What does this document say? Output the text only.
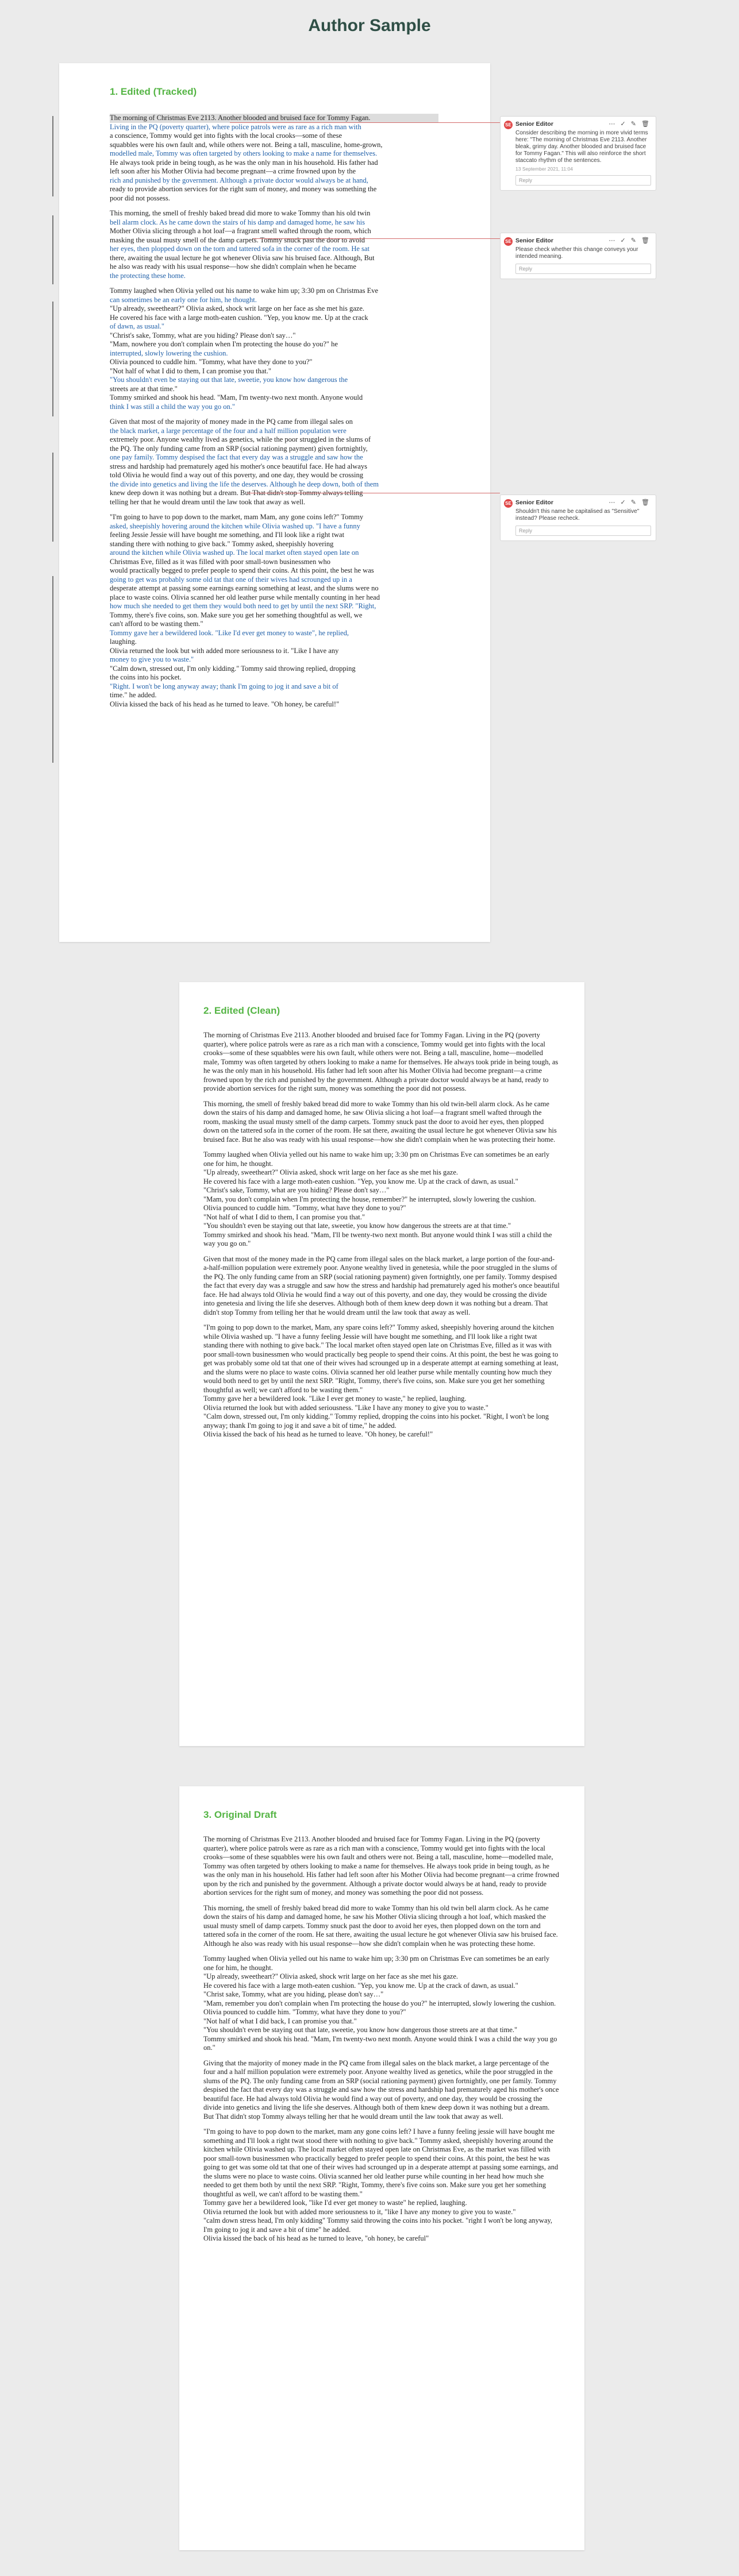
Author Sample
1. Edited (Tracked)

The morning of Christmas Eve 2113. Another blooded and bruised face for Tommy Fagan.
Living in the PQ (poverty quarter), where police patrols were as rare as a rich man with
a conscience, Tommy would get into fights with the local crooks—some of these
squabbles were his own fault and, while others were not. Being a tall, masculine, home-grown,
modelled male, Tommy was often targeted by others looking to make a name for themselves.
He always took pride in being tough, as he was the only man in his household. His father had
left soon after his Mother Olivia had become pregnant—a crime frowned upon by the
rich and punished by the government. Although a private doctor would always be at hand,
ready to provide abortion services for the right sum of money, and money was something the
poor did not possess.

This morning, the smell of freshly baked bread did more to wake Tommy than his old twin
bell alarm clock. As he came down the stairs of his damp and damaged home, he saw his
Mother Olivia slicing through a hot loaf—a fragrant smell wafted through the room, which
masking the usual musty smell of the damp carpets. Tommy snuck past the door to avoid
her eyes, then plopped down on the torn and tattered sofa in the corner of the room. He sat
there, awaiting the usual lecture he got whenever Olivia saw his bruised face. Although, But
he also was ready with his usual response—how she didn't complain when he became
the protecting these home.

Tommy laughed when Olivia yelled out his name to wake him up; 3:30 pm on Christmas Eve
can sometimes be an early one for him, he thought.
"Up already, sweetheart?" Olivia asked, shock writ large on her face as she met his gaze.
He covered his face with a large moth-eaten cushion. "Yep, you know me. Up at the crack
of dawn, as usual."
"Christ's sake, Tommy, what are you hiding? Please don't say…"
"Mam, nowhere you don't complain when I'm protecting the house do you?" he
interrupted, slowly lowering the cushion.
Olivia pounced to cuddle him. "Tommy, what have they done to you?"
"Not half of what I did to them, I can promise you that."
"You shouldn't even be staying out that late, sweetie, you know how dangerous the
streets are at that time."
Tommy smirked and shook his head. "Mam, I'm twenty-two next month. Anyone would
think I was still a child the way you go on."

Given that most of the majority of money made in the PQ came from illegal sales on
the black market, a large percentage of the four and a half million population were
extremely poor. Anyone wealthy lived as genetics, while the poor struggled in the slums of
the PQ. The only funding came from an SRP (social rationing payment) given fortnightly,
one pay family. Tommy despised the fact that every day was a struggle and saw how the
stress and hardship had prematurely aged his mother's once beautiful face. He had always
told Olivia he would find a way out of this poverty, and one day, they would be crossing
the divide into genetics and living the life the deserves. Although he deep down, both of them
knew deep down it was nothing but a dream. But That didn't stop Tommy always telling
telling her that he would dream until the law took that away as well.

"I'm going to have to pop down to the market, mam Mam, any gone coins left?" Tommy
asked, sheepishly hovering around the kitchen while Olivia washed up. "I have a funny
feeling Jessie Jessie will have bought me something, and I'll look like a right twat
standing there with nothing to give back." Tommy asked, sheepishly hovering
around the kitchen while Olivia washed up. The local market often stayed open late on
Christmas Eve, filled as it was filled with poor small-town businessmen who
would practically begged to prefer people to spend their coins. At this point, the best he was
going to get was probably some old tat that one of their wives had scrounged up in a
desperate attempt at passing some earnings earning something at least, and the slums were no
place to waste coins. Olivia scanned her old leather purse while mentally counting in her head
how much she needed to get them they would both need to get by until the next SRP. "Right,
Tommy, there's five coins, son. Make sure you get her something thoughtful as well, we
can't afford to be wasting them."
Tommy gave her a bewildered look. "Like I'd ever get money to waste", he replied,
laughing.
Olivia returned the look but with added more seriousness to it. "Like I have any
money to give you to waste."
"Calm down, stressed out, I'm only kidding." Tommy said throwing replied, dropping
the coins into his pocket.
"Right. I won't be long anyway away; thank I'm going to jog it and save a bit of
time." he added.
Olivia kissed the back of his head as he turned to leave. "Oh honey, be careful!"

SE Senior Editor	⋯ ✓ ✎ 🗑
Consider describing the morning in more vivid terms here: "The morning of Christmas Eve 2113. Another bleak, grimy day. Another blooded and bruised face for Tommy Fagan." This will also reinforce the short staccato rhythm of the sentences.
13 September 2021, 11:04
Reply
SE Senior Editor	⋯ ✓ ✎ 🗑
Please check whether this change conveys your intended meaning.
Reply
SE Senior Editor	⋯ ✓ ✎ 🗑
Shouldn't this name be capitalised as "Sensitive" instead? Please recheck.
Reply
2. Edited (Clean)

The morning of Christmas Eve 2113. Another blooded and bruised face for Tommy Fagan. Living in the PQ (poverty quarter), where police patrols were as rare as a rich man with a conscience, Tommy would get into fights with the local crooks—some of these squabbles were his own fault, while others were not. Being a tall, masculine, home—modelled male, Tommy was often targeted by others looking to make a name for themselves. He always took pride in being tough, as he was the only man in his household. His father had left soon after his Mother Olivia had become pregnant—a crime frowned upon by the rich and punished by the government. Although a private doctor would always be at hand, ready to provide abortion services for the right sum, money was something the poor did not possess.

This morning, the smell of freshly baked bread did more to wake Tommy than his old twin-bell alarm clock. As he came down the stairs of his damp and damaged home, he saw Olivia slicing a hot loaf—a fragrant smell wafted through the room, masking the usual musty smell of the damp carpets. Tommy snuck past the door to avoid her eyes, then plopped down on the tattered sofa in the corner of the room. He sat there, awaiting the usual lecture he got whenever Olivia saw his bruised face. But he also was ready with his usual response—how she didn't complain when he was protecting their home.

Tommy laughed when Olivia yelled out his name to wake him up; 3:30 pm on Christmas Eve can sometimes be an early one for him, he thought.
"Up already, sweetheart?" Olivia asked, shock writ large on her face as she met his gaze.
He covered his face with a large moth-eaten cushion. "Yep, you know me. Up at the crack of dawn, as usual."
"Christ's sake, Tommy, what are you hiding? Please don't say…"
"Mam, you don't complain when I'm protecting the house, remember?" he interrupted, slowly lowering the cushion.
Olivia pounced to cuddle him. "Tommy, what have they done to you?"
"Not half of what I did to them, I can promise you that."
"You shouldn't even be staying out that late, sweetie, you know how dangerous the streets are at that time."
Tommy smirked and shook his head. "Mam, I'll be twenty-two next month. But anyone would think I was still a child the way you go on."

Given that most of the money made in the PQ came from illegal sales on the black market, a large portion of the four-and-a-half-million population were extremely poor. Anyone wealthy lived in genetesia, while the poor struggled in the slums of the PQ. The only funding came from an SRP (social rationing payment) given fortnightly, one per family. Tommy despised the fact that every day was a struggle and saw how the stress and hardship had prematurely aged his mother's once beautiful face. He had always told Olivia he would find a way out of this poverty, and one day, they would be crossing the divide into genetesia and living the life she deserves. Although both of them knew deep down it was nothing but a dream. That didn't stop Tommy from telling her that he would dream until the law took that away as well.

"I'm going to pop down to the market, Mam, any spare coins left?" Tommy asked, sheepishly hovering around the kitchen while Olivia washed up. "I have a funny feeling Jessie will have bought me something, and I'll look like a right twat standing there with nothing to give back." The local market often stayed open late on Christmas Eve, filled as it was with poor small-town businessmen who would practically beg people to spend their coins. At this point, the best he was going to get was probably some old tat that one of their wives had scrounged up in a desperate attempt at earning something at least, and the slums were no place to waste coins. Olivia scanned her old leather purse while mentally counting how much they would both need to get by until the next SRP. "Right, Tommy, there's five coins, son. Make sure you get her something thoughtful as well; we can't afford to be wasting them."
Tommy gave her a bewildered look. "Like I ever get money to waste," he replied, laughing.
Olivia returned the look but with added seriousness. "Like I have any money to give you to waste."
"Calm down, stressed out, I'm only kidding." Tommy replied, dropping the coins into his pocket. "Right, I won't be long anyway; thank I'm going to jog it and save a bit of time," he added.
Olivia kissed the back of his head as he turned to leave. "Oh honey, be careful!"

3. Original Draft

The morning of Christmas Eve 2113. Another blooded and bruised face for Tommy Fagan. Living in the PQ (poverty quarter), where police patrols were as rare as a rich man with a conscience, Tommy would get into fights with the local crooks—some of these squabbles were his own fault and others were not. Being a tall, masculine, home—modelled male, Tommy was often targeted by others looking to make a name for themselves. He always took pride in being tough, as he was the only man in his household. His father had left soon after his Mother Olivia had become pregnant—a crime frowned upon by the rich and punished by the government. Although a private doctor would always be at hand, ready to provide abortion services for the right sum of money, and money was something the poor did not possess.

This morning, the smell of freshly baked bread did more to wake Tommy than his old twin bell alarm clock. As he came down the stairs of his damp and damaged home, he saw his Mother Olivia slicing through a hot loaf, which masked the usual musty smell of damp carpets. Tommy snuck past the door to avoid her eyes, then plopped down on the torn and tattered sofa in the corner of the room. He sat there, awaiting the usual lecture he got whenever Olivia saw his bruised face. Although he also was ready with his usual response—how she didn't complain when he was protecting these home.

Tommy laughed when Olivia yelled out his name to wake him up; 3:30 pm on Christmas Eve can sometimes be an early one for him, he thought.
"Up already, sweetheart?" Olivia asked, shock writ large on her face as she met his gaze.
He covered his face with a large moth-eaten cushion. "Yep, you know me. Up at the crack of dawn, as usual."
"Christ sake, Tommy, what are you hiding, please don't say…"
"Mam, remember you don't complain when I'm protecting the house do you?" he interrupted, slowly lowering the cushion.
Olivia pounced to cuddle him. "Tommy, what have they done to you?"
"Not half of what I did back, I can promise you that."
"You shouldn't even be staying out that late, sweetie, you know how dangerous those streets are at that time."
Tommy smirked and shook his head. "Mam, I'm twenty-two next month. Anyone would think I was a child the way you go on."

Giving that the majority of money made in the PQ came from illegal sales on the black market, a large percentage of the four and a half million population were extremely poor. Anyone wealthy lived as genetics, while the poor struggled in the slums of the PQ. The only funding came from an SRP (social rationing payment) given fortnightly, one per family. Tommy despised the fact that every day was a struggle and saw how the stress and hardship had prematurely aged his mother's once beautiful face. He had always told Olivia he would find a way out of poverty, and one day, they would be crossing the divide into genetics and living the life she deserves. Although both of them knew deep down it was nothing but a dream. But That didn't stop Tommy always telling her that he would dream until the law took that away as well.

"I'm going to have to pop down to the market, mam any gone coins left? I have a funny feeling jessie will have bought me something and I'll look a right twat stood there with nothing to give back." Tommy asked, sheepishly hovering around the kitchen while Olivia washed up. The local market often stayed open late on Christmas Eve, as the market was filled with poor small-town businessmen who practically begged to prefer people to spend their coins. At this point, the best he was going to get was some old tat that one of their wives had scrounged up in a desperate attempt at passing some earnings, and the slums were no place to waste coins. Olivia scanned her old leather purse while counting in her head how much she needed to get them both by until the next SRP. "Right, Tommy, there's five coins son. Make sure you get her something thoughtful as well, we can't afford to be wasting them."
Tommy gave her a bewildered look, "like I'd ever get money to waste" he replied, laughing.
Olivia returned the look but with added more seriousness to it, "like I have any money to give you to waste."
"calm down stress head, I'm only kidding" Tommy said throwing the coins into his pocket. "right I won't be long anyway, I'm going to jog it and save a bit of time" he added.
Olivia kissed the back of his head as he turned to leave, "oh honey, be careful"
